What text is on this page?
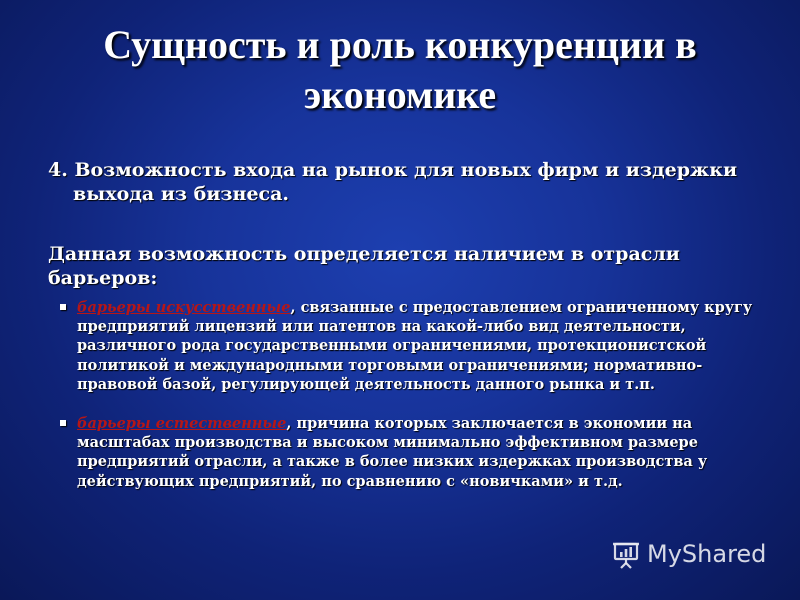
Сущность и роль конкуренции в экономике

4. Возможность входа на рынок для новых фирм и издержки выхода из бизнеса.

Данная возможность определяется наличием в отрасли барьеров:

барьеры искусственные, связанные с предоставлением ограниченному кругу предприятий лицензий или патентов на какой-либо вид деятельности, различного рода государственными ограничениями, протекционистской политикой и международными торговыми ограничениями; нормативно-правовой базой, регулирующей деятельность данного рынка и т.п.
барьеры естественные, причина которых заключается в экономии на масштабах производства и высоком минимально эффективном размере предприятий отрасли, а также в более низких издержках производства у действующих предприятий, по сравнению с «новичками» и т.д.
MyShared
